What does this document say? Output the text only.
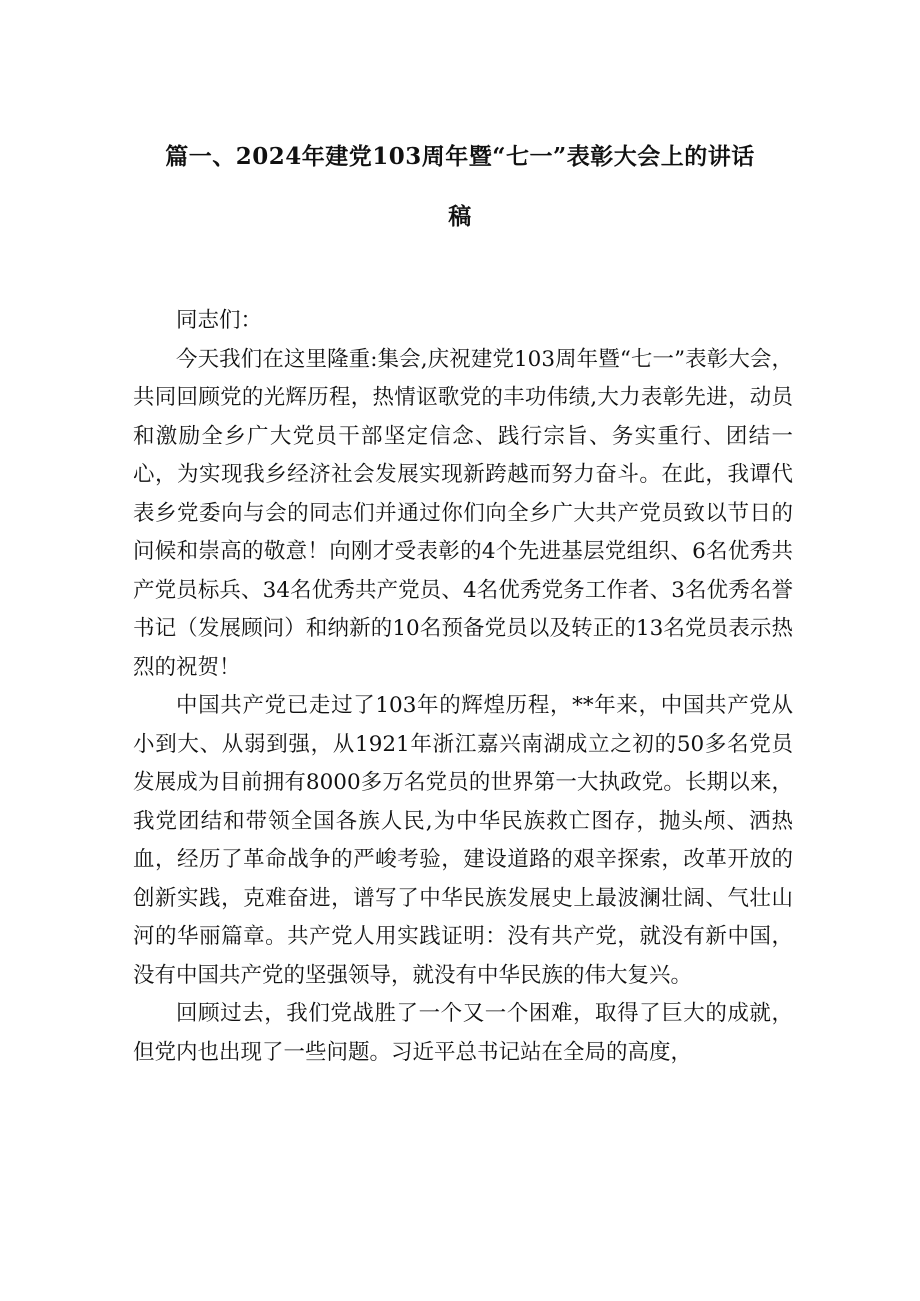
篇一、2024年建党103周年暨“七一”表彰大会上的讲话
稿

同志们：

今天我们在这里隆重:集会,庆祝建党103周年暨“七一”表彰大会，共同回顾党的光辉历程，热情讴歌党的丰功伟绩,大力表彰先进，动员和激励全乡广大党员干部坚定信念、践行宗旨、务实重行、团结一心，为实现我乡经济社会发展实现新跨越而努力奋斗。在此，我谭代表乡党委向与会的同志们并通过你们向全乡广大共产党员致以节日的问候和崇高的敬意！向刚才受表彰的4个先进基层党组织、6名优秀共产党员标兵、34名优秀共产党员、4名优秀党务工作者、3名优秀名誉书记（发展顾问）和纳新的10名预备党员以及转正的13名党员表示热烈的祝贺！

中国共产党已走过了103年的辉煌历程，**年来，中国共产党从小到大、从弱到强，从1921年浙江嘉兴南湖成立之初的50多名党员发展成为目前拥有8000多万名党员的世界第一大执政党。长期以来，我党团结和带领全国各族人民,为中华民族救亡图存，抛头颅、洒热血，经历了革命战争的严峻考验，建设道路的艰辛探索，改革开放的创新实践，克难奋进，谱写了中华民族发展史上最波澜壮阔、气壮山河的华丽篇章。共产党人用实践证明：没有共产党，就没有新中国，没有中国共产党的坚强领导，就没有中华民族的伟大复兴。

回顾过去，我们党战胜了一个又一个困难，取得了巨大的成就，但党内也出现了一些问题。习近平总书记站在全局的高度，
